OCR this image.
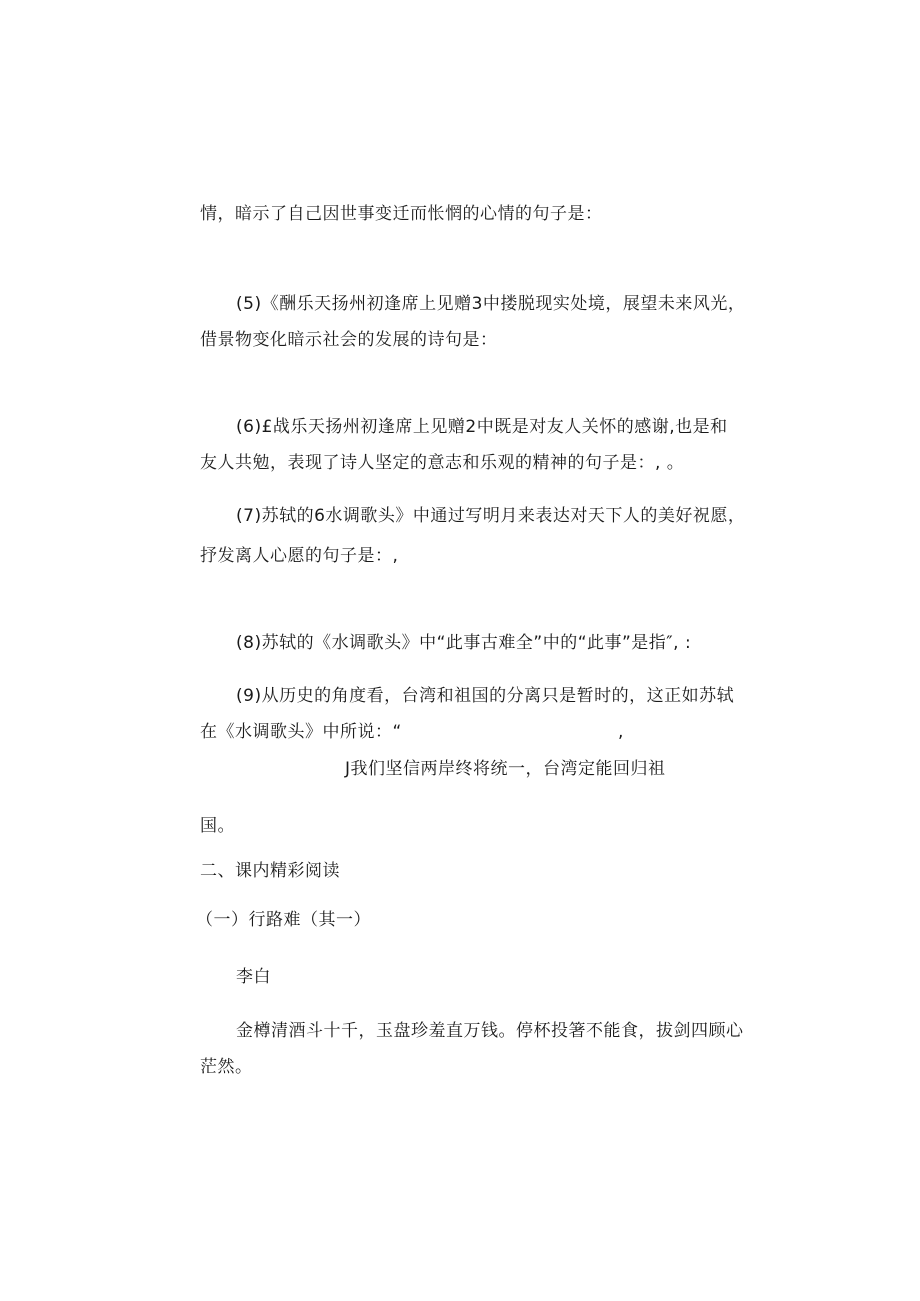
情，暗示了自己因世事变迁而怅惘的心情的句子是：
(5)《酬乐天扬州初逢席上见赠3中搂脱现实处境，展望未来风光，
借景物变化暗示社会的发展的诗句是：
(6)£战乐天扬州初逢席上见赠2中既是对友人关怀的感谢,也是和
友人共勉，表现了诗人坚定的意志和乐观的精神的句子是：, 。
(7)苏轼的6水调歌头》中通过写明月来表达对天下人的美好祝愿，
抒发离人心愿的句子是：,
(8)苏轼的《水调歌头》中“此事古难全”中的“此事”是指″, :
(9)从历史的角度看，台湾和祖国的分离只是暂时的，这正如苏轼
在《水调歌头》中所说：“	,
J我们坚信两岸终将统一，台湾定能回归祖
国。
二、课内精彩阅读
（一）行路难（其一）
李白
金樽清酒斗十千，玉盘珍羞直万钱。停杯投箸不能食，拔剑四顾心
茫然。
